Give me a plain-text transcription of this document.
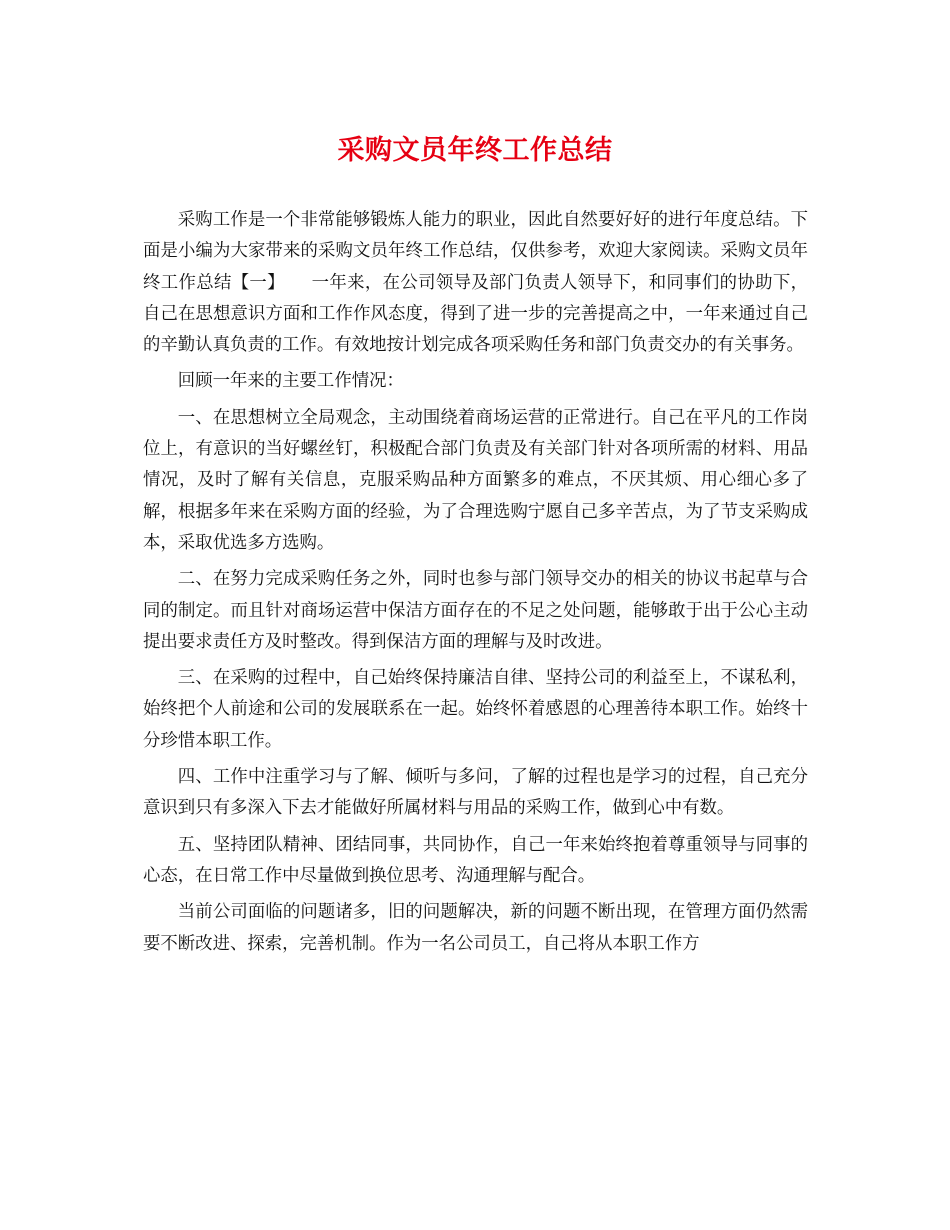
采购文员年终工作总结

采购工作是一个非常能够锻炼人能力的职业，因此自然要好好的进行年度总结。下面是小编为大家带来的采购文员年终工作总结，仅供参考，欢迎大家阅读。采购文员年终工作总结【一】　　一年来，在公司领导及部门负责人领导下，和同事们的协助下，自己在思想意识方面和工作作风态度，得到了进一步的完善提高之中，一年来通过自己的辛勤认真负责的工作。有效地按计划完成各项采购任务和部门负责交办的有关事务。

回顾一年来的主要工作情况：

一、在思想树立全局观念，主动围绕着商场运营的正常进行。自己在平凡的工作岗位上，有意识的当好螺丝钉，积极配合部门负责及有关部门针对各项所需的材料、用品情况，及时了解有关信息，克服采购品种方面繁多的难点，不厌其烦、用心细心多了解，根据多年来在采购方面的经验，为了合理选购宁愿自己多辛苦点，为了节支采购成本，采取优选多方选购。

二、在努力完成采购任务之外，同时也参与部门领导交办的相关的协议书起草与合同的制定。而且针对商场运营中保洁方面存在的不足之处问题，能够敢于出于公心主动提出要求责任方及时整改。得到保洁方面的理解与及时改进。

三、在采购的过程中，自己始终保持廉洁自律、坚持公司的利益至上，不谋私利，始终把个人前途和公司的发展联系在一起。始终怀着感恩的心理善待本职工作。始终十分珍惜本职工作。

四、工作中注重学习与了解、倾听与多问，了解的过程也是学习的过程，自己充分意识到只有多深入下去才能做好所属材料与用品的采购工作，做到心中有数。

五、坚持团队精神、团结同事，共同协作，自己一年来始终抱着尊重领导与同事的心态，在日常工作中尽量做到换位思考、沟通理解与配合。

当前公司面临的问题诸多，旧的问题解决，新的问题不断出现，在管理方面仍然需要不断改进、探索，完善机制。作为一名公司员工，自己将从本职工作方
